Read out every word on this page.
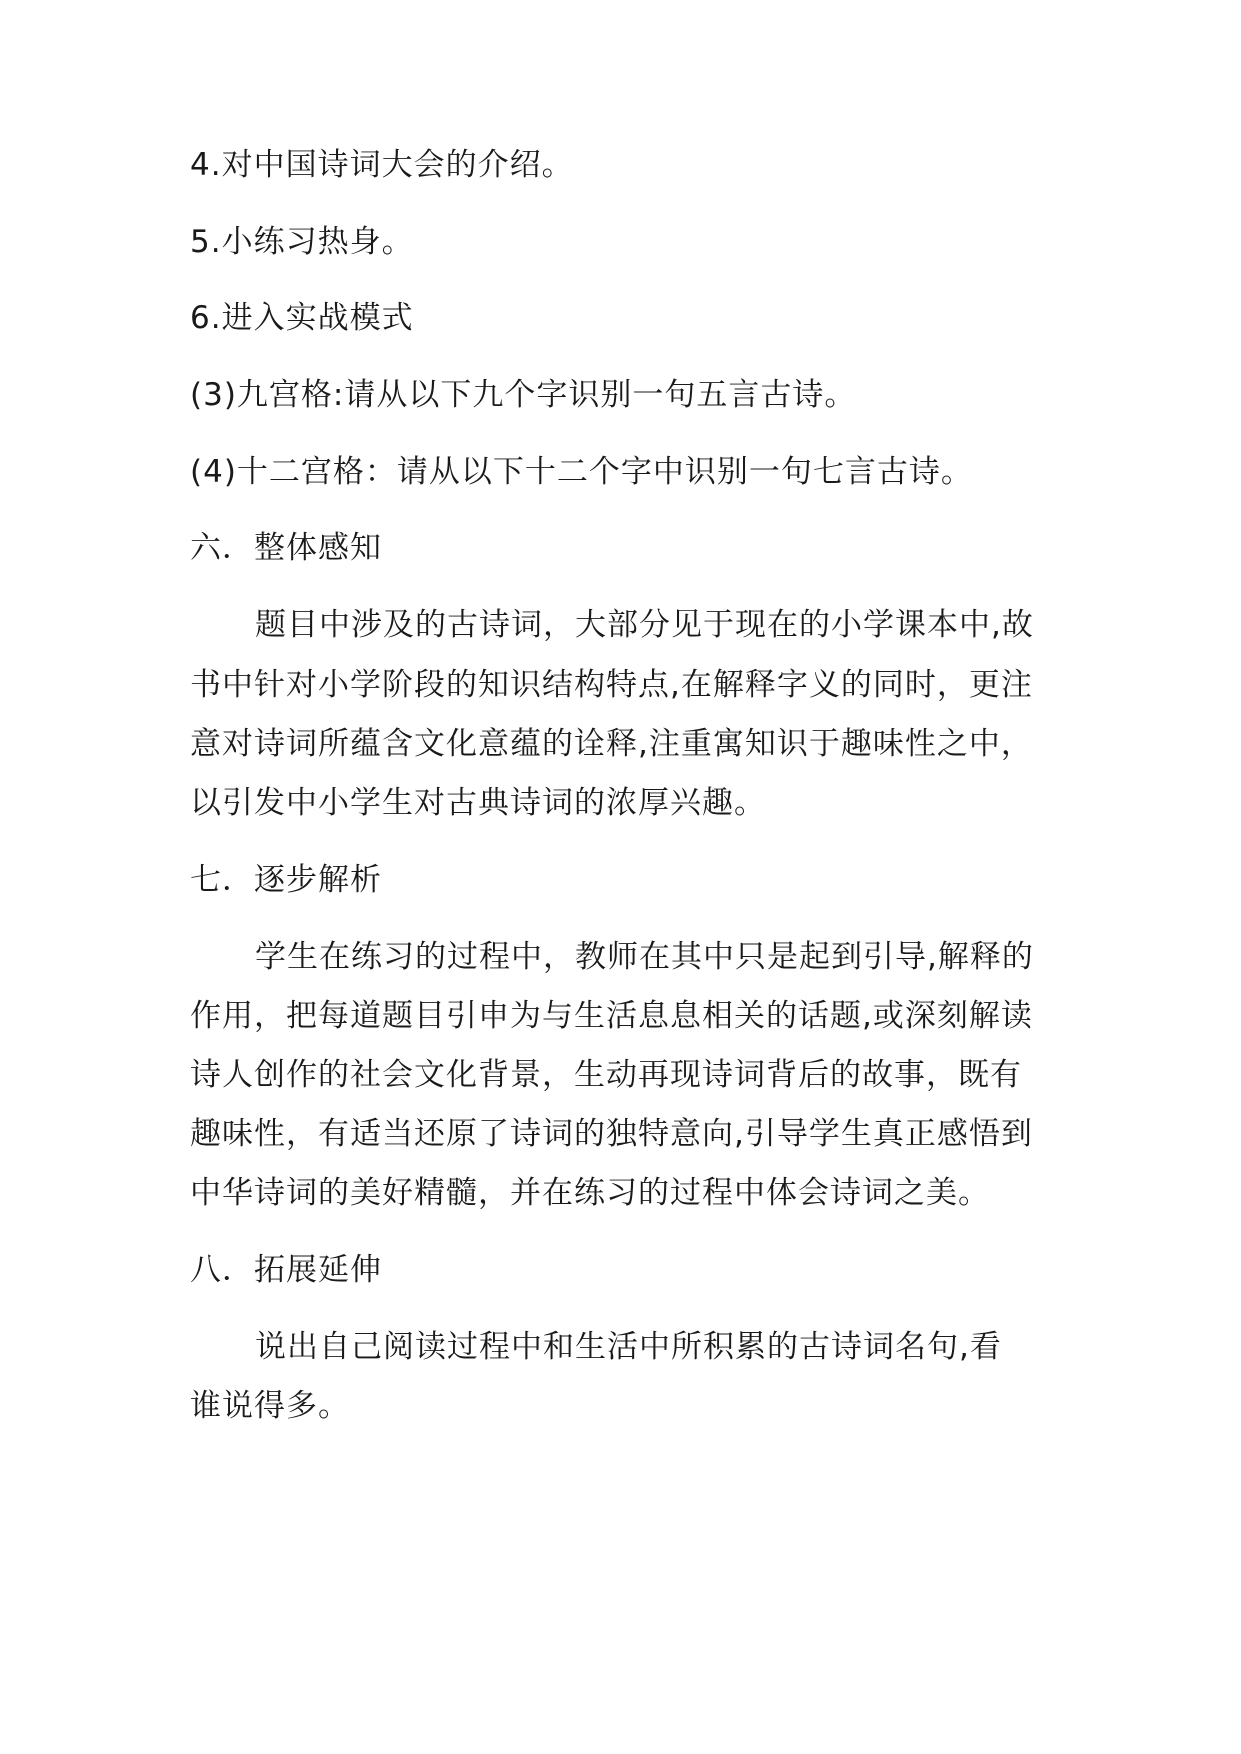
4.对中国诗词大会的介绍。
5.小练习热身。
6.进入实战模式
(3)九宫格:请从以下九个字识别一句五言古诗。
(4)十二宫格：请从以下十二个字中识别一句七言古诗。
六．整体感知
题目中涉及的古诗词，大部分见于现在的小学课本中,故
书中针对小学阶段的知识结构特点,在解释字义的同时，更注
意对诗词所蕴含文化意蕴的诠释,注重寓知识于趣味性之中，
以引发中小学生对古典诗词的浓厚兴趣。
七．逐步解析
学生在练习的过程中，教师在其中只是起到引导,解释的
作用，把每道题目引申为与生活息息相关的话题,或深刻解读
诗人创作的社会文化背景，生动再现诗词背后的故事，既有
趣味性，有适当还原了诗词的独特意向,引导学生真正感悟到
中华诗词的美好精髓，并在练习的过程中体会诗词之美。
八．拓展延伸
说出自己阅读过程中和生活中所积累的古诗词名句,看
谁说得多。
